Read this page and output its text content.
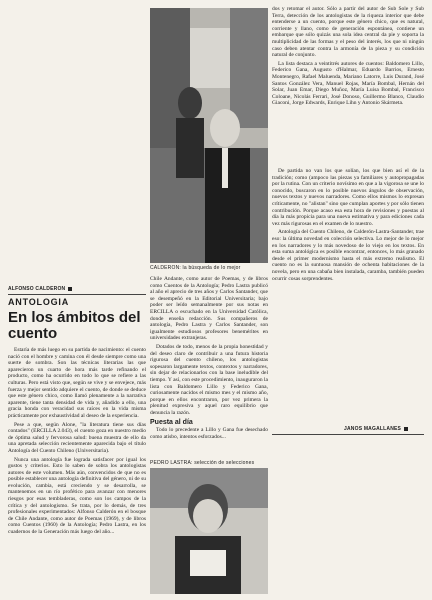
CALDERON: la búsqueda de lo mejor

dos y retomar el autor. Sólo a partir del autor de Sub Sole y Sub Terra, detección de los antologistas de la riqueza interior que debe entenderse a un cuento, porque este género chico, que es natural, corriente y llano, como de generación espontánea, contiene un embarque que sólo quizás una sola idea central da pie y soporta la multiplicidad de las formas y el peso del interés, los que ni ningún caso deben atentar contra la armonía de la pieza y su condición natural de conjunto.

La lista destaca a veintitrés autores de cuentos: Baldomero Lillo, Federico Gana, Augusto d'Halmar, Eduardo Barrios, Ernesto Montenegro, Rafael Maluenda, Mariano Latorre, Luis Durand, José Santos González Vera, Manuel Rojas, María Bombal, Hernán del Solar, Juan Emar, Diego Muñoz, María Luisa Bombal, Francisco Coloane, Nicolás Ferrari, José Donoso, Guillermo Blanco, Claudio Giaconi, Jorge Edwards, Enrique Lihn y Antonio Skármeta.

ALFONSO CALDERON
ANTOLOGIA
En los ámbitos del cuento

Estaría de más luego en su partida de nacimiento: el cuento nació con el hombre y camina con él desde siempre como una suerte de sombra. Son las técnicas literarias las que aparecieron un cuarto de hora más tarde refinando el producto, como ha ocurrido en todo lo que se refiere a las culturas. Pero está visto que, según se vive y se envejece, más fuerza y mejor sentido adquiere el cuento, de donde se deduce que este género chico, como llamó plenamente a la narrativa aparente, tiene tanta densidad de vida y, añadido a ello, una gracia honda con veracidad sus raíces en la vida misma prácticamente por exhaustividad al deseo de la experiencia.

Pese a que, según Alone, "la literatura tiene sus días contados" (ERCILLA 2.043), el cuento goza en nuestro medio de óptima salud y fervorosa salud: buena muestra de ello da una apretada selección recientemente aparecida bajo el título Antología del Cuento Chileno (Universitaria).

Nunca una antología fue lograda satisfacer por igual los gustos y criterios. Esto lo saben de sobra los antologistas autores de este volumen. Más aún, convencidos de que no es posible establecer una antología definitiva del género, ni de su evolución, cambia, está creciendo y se desarrolla, se mantenemos en un río profético para avanzar con menores riesgos por esas tembladeras, como son los campos de la crítica y del antologismo. Se trata, por lo demás, de tres profesionales experimentados: Alfonso Calderón en el bosque de Chile Andante, como autor de Poemas (1969), y de libros como Cuentos (1960) de la Antología; Pedro Lastra, en los cuadernos de la Generación más luego del año...

Chile Andante, como autor de Poemas, y de libros como Cuentos de la Antología; Pedro Lastra publicó al año el aprecio de tres años y Carlos Santander, que se desempeñó en la Editorial Universitaria; bajo poder ser leído semanalmente por sus notas en ERCILLA o escuchado en la Universidad Católica, donde enseña redacción. Sus compañeros de antología, Pedro Lastra y Carlos Santander, son igualmente estudiosos profesores benemérites en universidades extranjeras.

Dotados de todo, menos de la propia honestidad y del deseo claro de contribuir a una futura historia rigurosa del cuento chileno, los antologistas sopesaron largamente textos, contextos y narradores, sin dejar de relacionarlos con la base ineludible del tiempo. Y así, con este procedimiento, inauguraron la lista con Baldomero Lillo y Federico Gana, curiosamente nacidos el mismo mes y el mismo año, porque en ellos encontraron, por vez primera la plenitud expresiva y aquel raro equilibrio que denuncia la razón.

Puesta al día

Todo lo precedente a Lillo y Gana fue desechado como atisbo, intentos esforzados...

PEDRO LASTRA: selección de selecciones

De partida no van los que solían, los que bien así el de la tradición; como (ampoco las piezas ya familiares y autopropagadas por la rutina. Con un criterio novísimo en que a la vigorosa se une lo conocido, buscaron en lo posible nuevos ángulos de observación, nuevos textos y nuevos narradores. Como ellos mismos lo expresan críticamente, no "alistan" sino que cumplan aportes y por sólo tienen contribución. Porque acaso esa esta hora de revisiones y puestas al día la más propicia para una nueva estimativa y para ediciones cada vez más rigurosas en el examen de lo nuestro.

Antología del Cuento Chileno, de Calderón-Lastra-Santander, trae eso: la última novedad en colección selectiva. Lo mejor de lo mejor en los narradores y lo más novedoso de lo viejo en los textos. En esta suma antológica es posible encontrar, entonces, lo más granado desde el primer modernismo hasta el más extremo realismo. El cuento no es la suntuosa mansión de ochenta habitaciones de la novela, pero en una cabaña bien instalada, caramba, también pueden ocurrir cosas sorprendentes.

JANOS MAGALLANES
